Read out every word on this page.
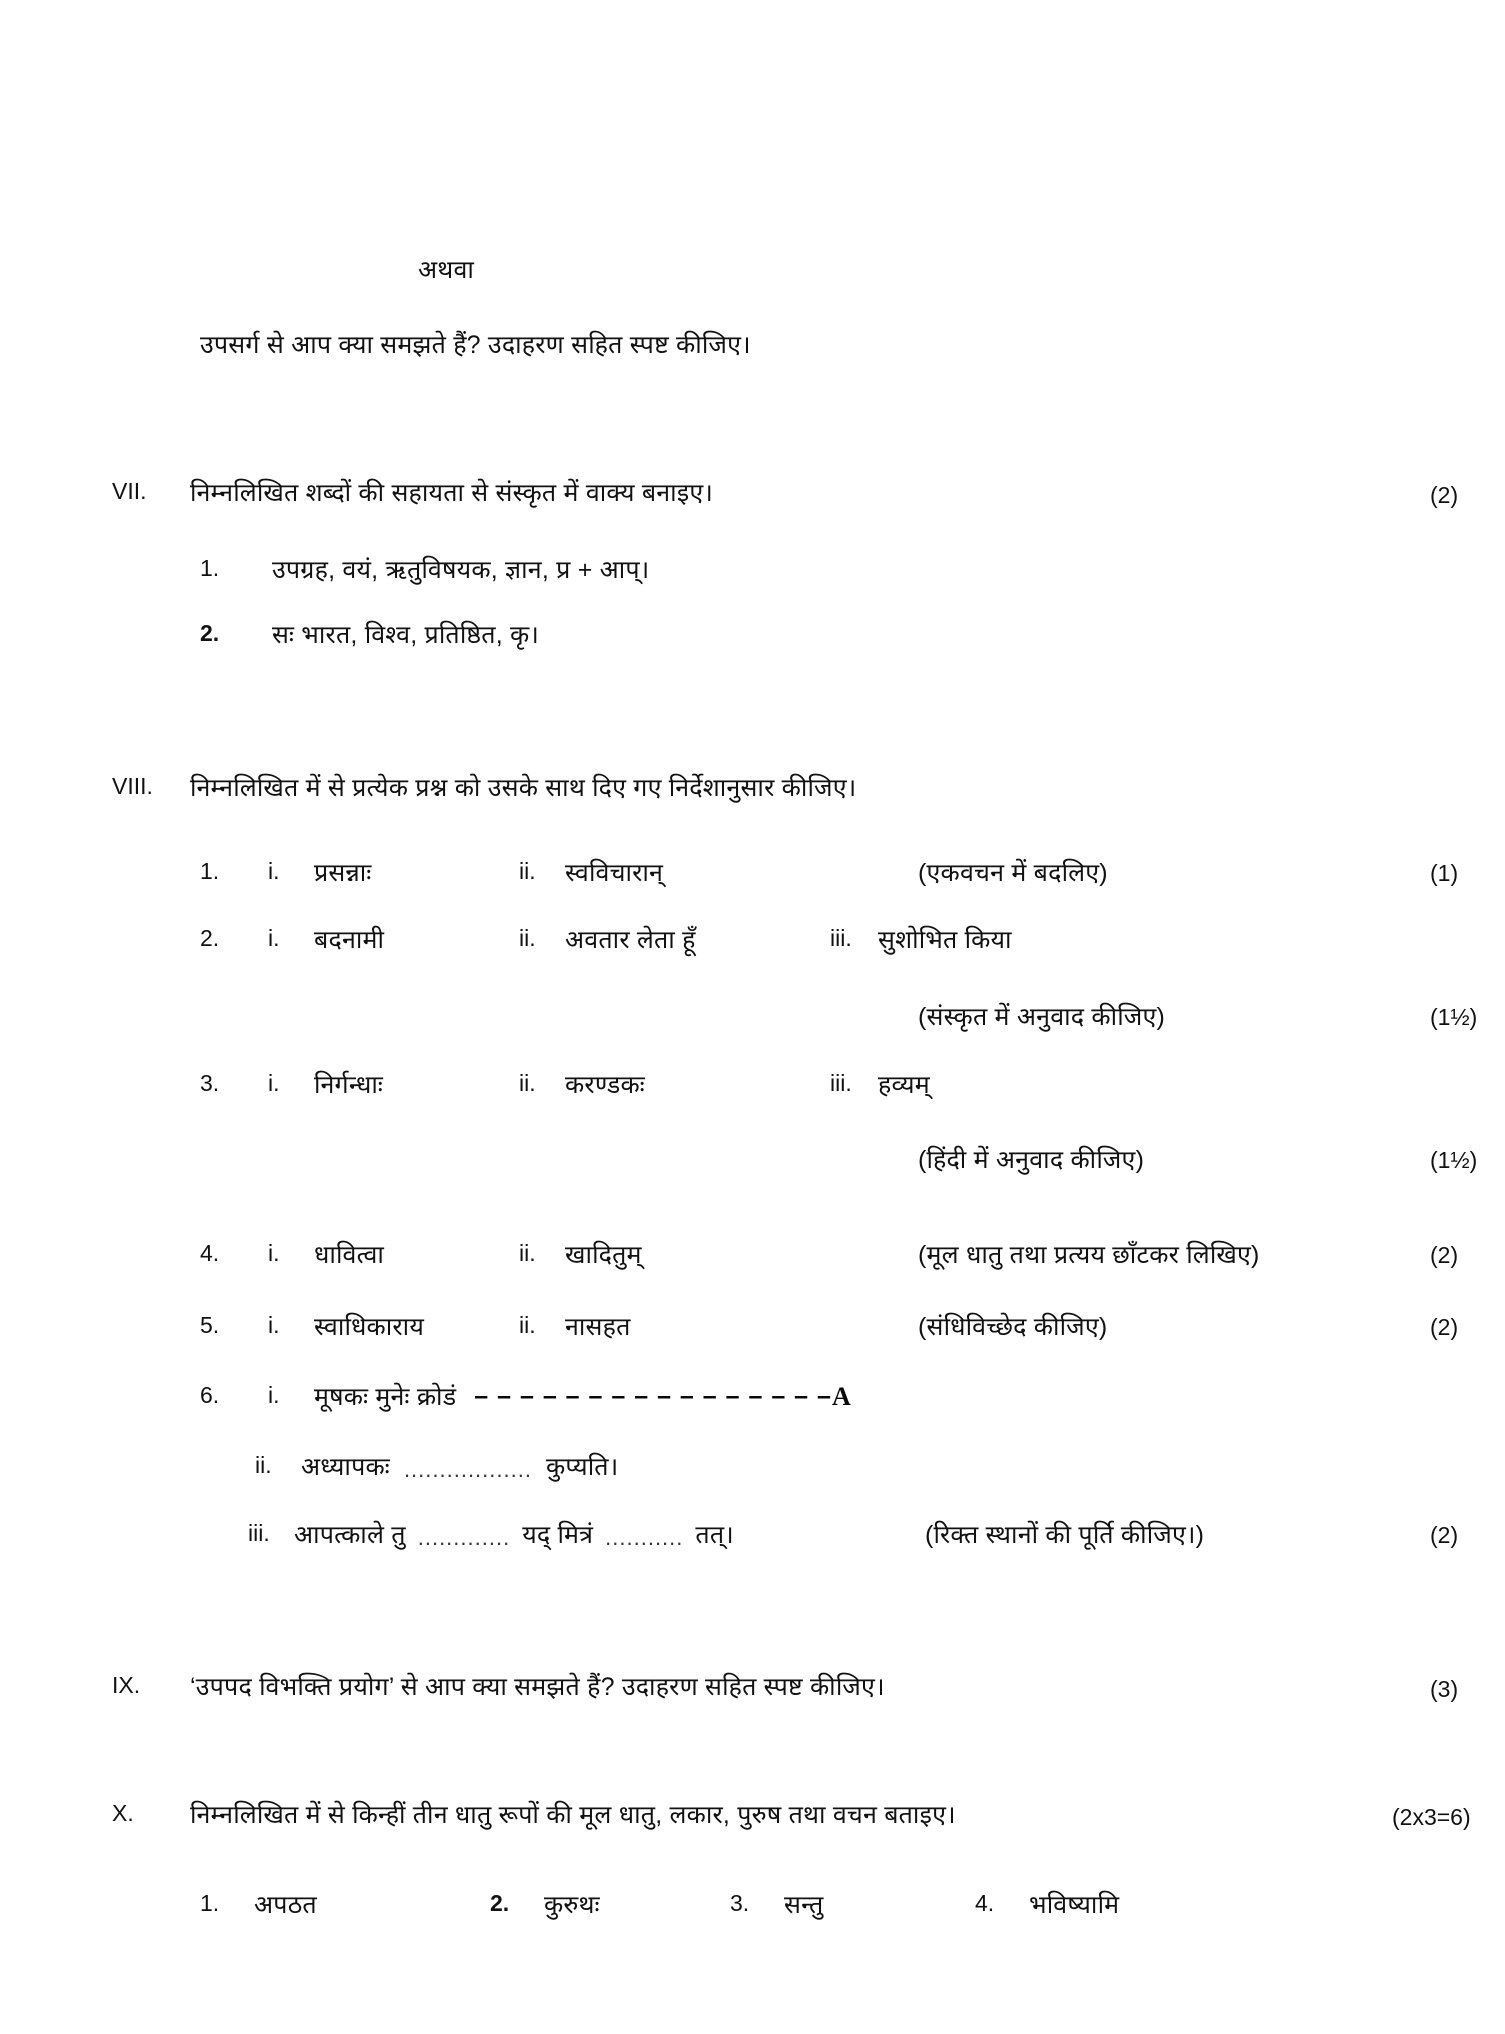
अथवा
उपसर्ग से आप क्या समझते हैं? उदाहरण सहित स्पष्ट कीजिए।
VII.	निम्नलिखित शब्दों की सहायता से संस्कृत में वाक्य बनाइए।	(2)
1.	उपग्रह, वयं, ऋतुविषयक, ज्ञान, प्र + आप्।
2.	सः भारत, विश्व, प्रतिष्ठित, कृ।
VIII.	निम्नलिखित में से प्रत्येक प्रश्न को उसके साथ दिए गए निर्देशानुसार कीजिए।
1.	i.	प्रसन्नाः	ii.	स्वविचारान्	(एकवचन में बदलिए)	(1)
2.	i.	बदनामी	ii.	अवतार लेता हूँ	iii.	सुशोभित किया
(संस्कृत में अनुवाद कीजिए)	(1½)
3.	i.	निर्गन्धाः	ii.	करण्डकः	iii.	हव्यम्
(हिंदी में अनुवाद कीजिए)	(1½)
4.	i.	धावित्वा	ii.	खादितुम्	(मूल धातु तथा प्रत्यय छाँटकर लिखिए)	(2)
5.	i.	स्वाधिकाराय	ii.	नासहत	(संधिविच्छेद कीजिए)	(2)
6.	i.	मूषकः मुनेः क्रोडं – – – – – – – – – – – – – – – – A
ii.	अध्यापकः .................. कुप्यति।
iii. आपत्काले तु ............. यद् मित्रं ........... तत्।	(रिक्त स्थानों की पूर्ति कीजिए।)	(2)
IX.	‘उपपद विभक्ति प्रयोग’ से आप क्या समझते हैं? उदाहरण सहित स्पष्ट कीजिए।	(3)
X.	निम्नलिखित में से किन्हीं तीन धातु रूपों की मूल धातु, लकार, पुरुष तथा वचन बताइए।	(2x3=6)
1.	अपठत	2.	कुरुथः	3.	सन्तु	4.	भविष्यामि
